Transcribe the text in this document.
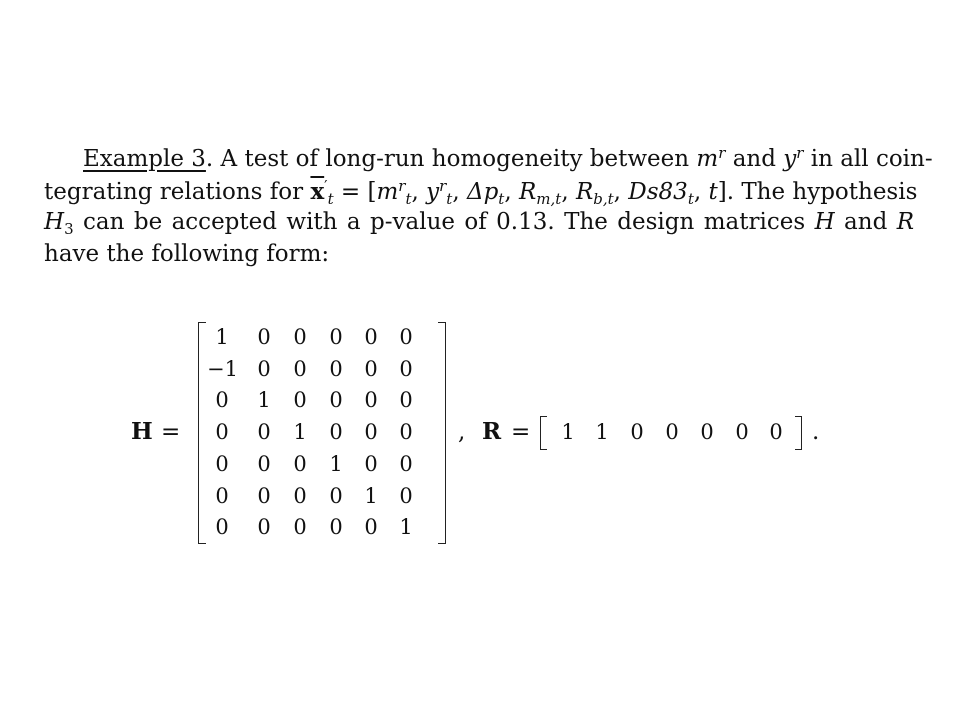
Example 3. A test of long-run homogeneity between $m^r$ and $y^r$ in all coin-
tegrating relations for $\overline{x}'_t = [m^r_t$, $y^r_t$, $\Delta p_t$, $R_{m,t}$, $R_{b,t}$, $Ds83_t$, t]. The hypothesis
$H_3$ can be accepted with a p-value of 0.13. The design matrices H and R
have the following form:
H =
1	0	0	0	0	0
−1 0	0	0	0	0
0	1	0	0	0	0
0	0	1	0	0	0
0	0	0	1	0	0
0	0	0	0	1	0
0	0	0	0	0	1
, R =	1 1	0	0	0	0 0	.
